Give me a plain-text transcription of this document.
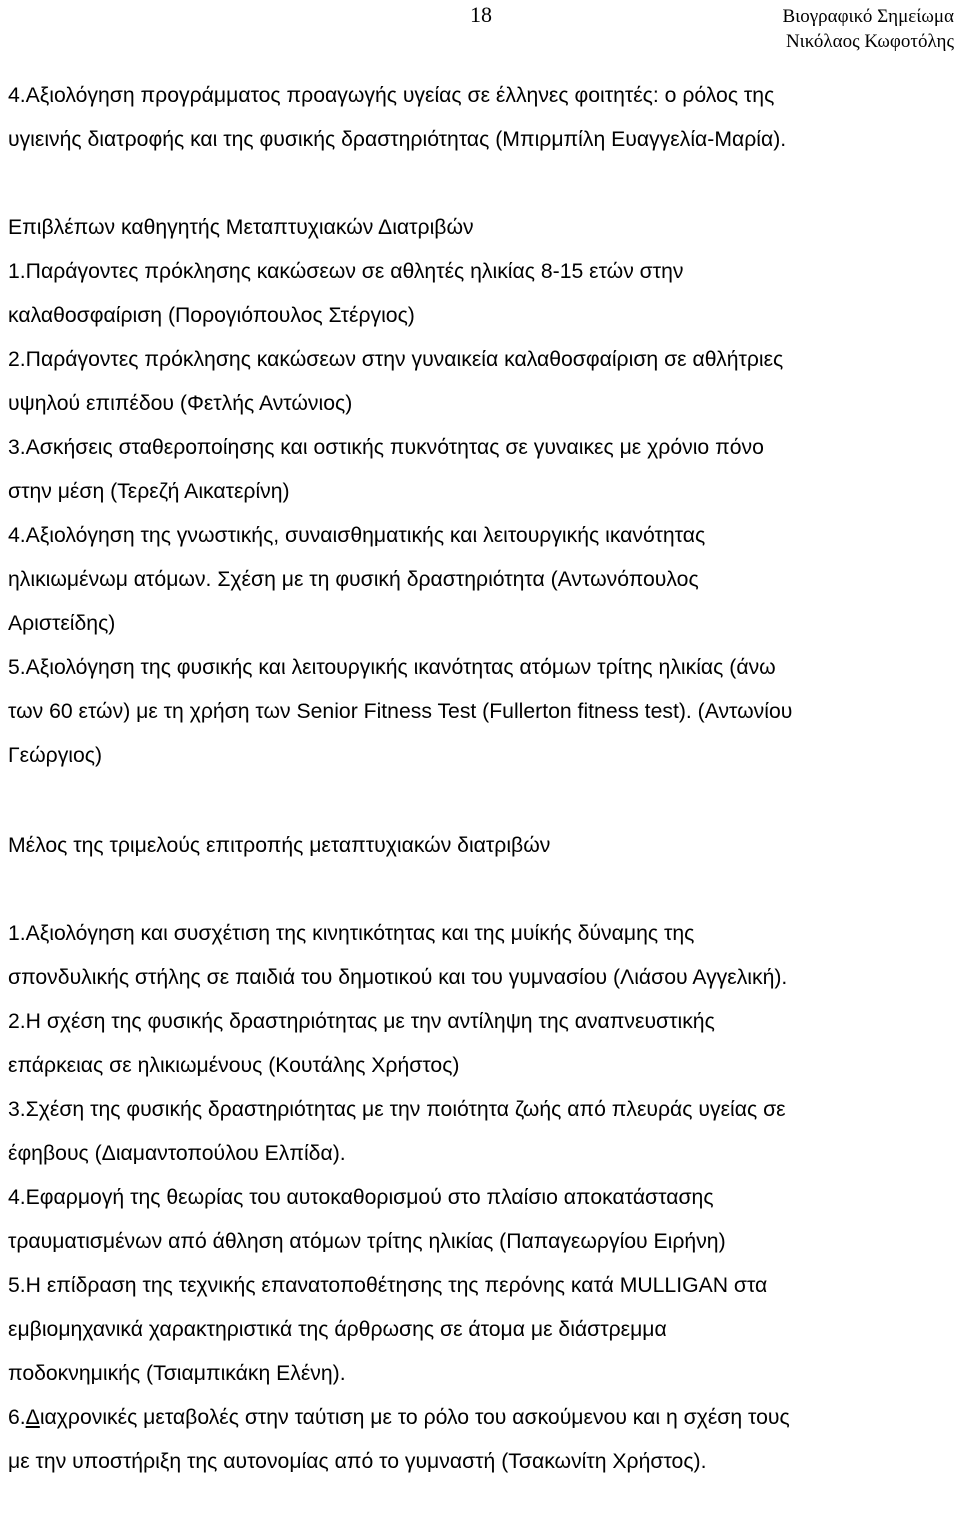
18	Βιογραφικό Σημείωμα
Νικόλαος Κωφοτόλης
4.Αξιολόγηση προγράμματος προαγωγής υγείας σε έλληνες φοιτητές: ο ρόλος της
υγιεινής διατροφής και της φυσικής δραστηριότητας (Μπιρμπίλη Ευαγγελία-Μαρία).
Επιβλέπων καθηγητής Μεταπτυχιακών Διατριβών
1.Παράγοντες πρόκλησης κακώσεων σε αθλητές ηλικίας 8-15 ετών στην
καλαθοσφαίριση (Πορογιόπουλος Στέργιος)
2.Παράγοντες πρόκλησης κακώσεων στην γυναικεία καλαθοσφαίριση σε αθλήτριες
υψηλού επιπέδου (Φετλής Αντώνιος)
3.Ασκήσεις σταθεροποίησης και οστικής πυκνότητας σε γυναικες με χρόνιο πόνο
στην μέση (Τερεζή Αικατερίνη)
4.Αξιολόγηση της γνωστικής, συναισθηματικής και λειτουργικής ικανότητας
ηλικιωμένωμ ατόμων. Σχέση με τη φυσική δραστηριότητα (Αντωνόπουλος
Αριστείδης)
5.Αξιολόγηση της φυσικής και λειτουργικής ικανότητας ατόμων τρίτης ηλικίας (άνω
των 60 ετών) με τη χρήση των Senior Fitness Test (Fullerton fitness test). (Αντωνίου
Γεώργιος)
Μέλος της τριμελούς επιτροπής μεταπτυχιακών διατριβών
1.Αξιολόγηση και συσχέτιση της κινητικότητας και της μυίκής δύναμης της
σπονδυλικής στήλης σε παιδιά του δημοτικού και του γυμνασίου (Λιάσου Αγγελική).
2.Η σχέση της φυσικής δραστηριότητας με την αντίληψη της αναπνευστικής
επάρκειας σε ηλικιωμένους (Κουτάλης Χρήστος)
3.Σχέση της φυσικής δραστηριότητας με την ποιότητα ζωής από πλευράς υγείας σε
έφηβους (Διαμαντοπούλου Ελπίδα).
4.Εφαρμογή της θεωρίας του αυτοκαθορισμού στο πλαίσιο αποκατάστασης
τραυματισμένων από άθληση ατόμων τρίτης ηλικίας (Παπαγεωργίου Ειρήνη)
5.Η επίδραση της τεχνικής επανατοποθέτησης της περόνης κατά MULLIGAN στα
εμβιομηχανικά χαρακτηριστικά της άρθρωσης σε άτομα με διάστρεμμα
ποδοκνημικής (Τσιαμπικάκη Ελένη).
6.Διαχρονικές μεταβολές στην ταύτιση με το ρόλο του ασκούμενου και η σχέση τους
με την υποστήριξη της αυτονομίας από το γυμναστή (Τσακωνίτη Χρήστος).
